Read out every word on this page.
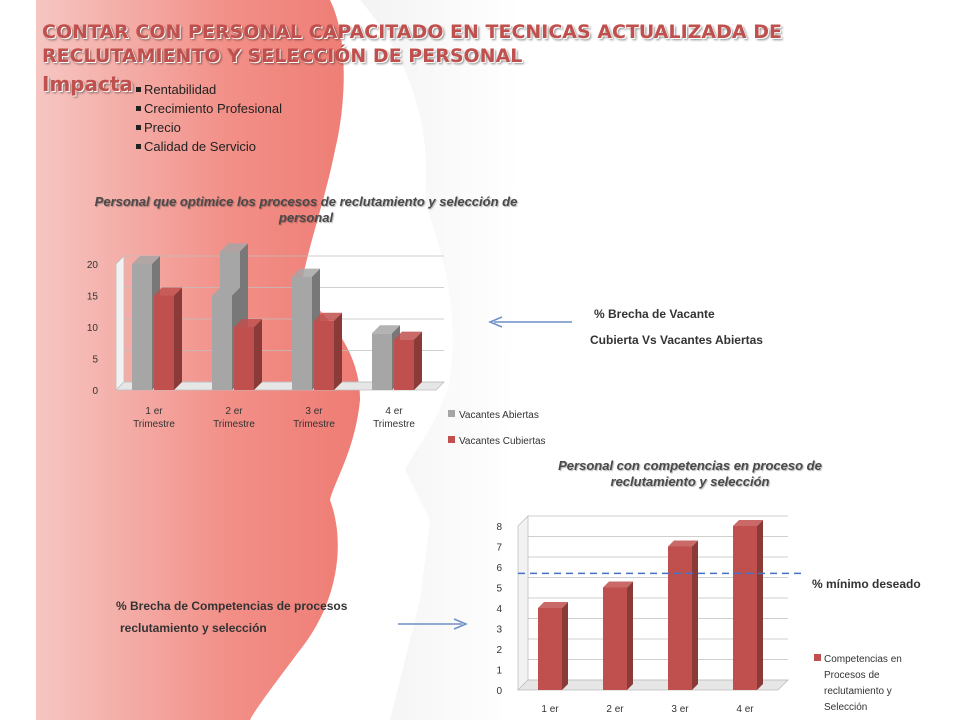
CONTAR CON PERSONAL CAPACITADO EN TECNICAS ACTUALIZADA DE RECLUTAMIENTO Y SELECCIÓN DE PERSONAL
Impacta Rentabilidad
Crecimiento Profesional
Precio
Calidad de Servicio

Personal que optimice los procesos de reclutamiento y selección de personal

0
5
10
15
20
1 er
Trimestre
2 er
Trimestre
3 er
Trimestre
4 er
Trimestre
Vacantes Abiertas
Vacantes Cubiertas

Personal con competencias en proceso de reclutamiento y selección

0
1
2
3
4
5
6
7
8
1 er	2 er	3 er	4 er
Competencias en Procesos de reclutamiento y Selección

% Brecha de Vacante

Cubierta Vs Vacantes Abiertas

% Brecha de Competencias de procesos

reclutamiento y selección

% mínimo deseado
